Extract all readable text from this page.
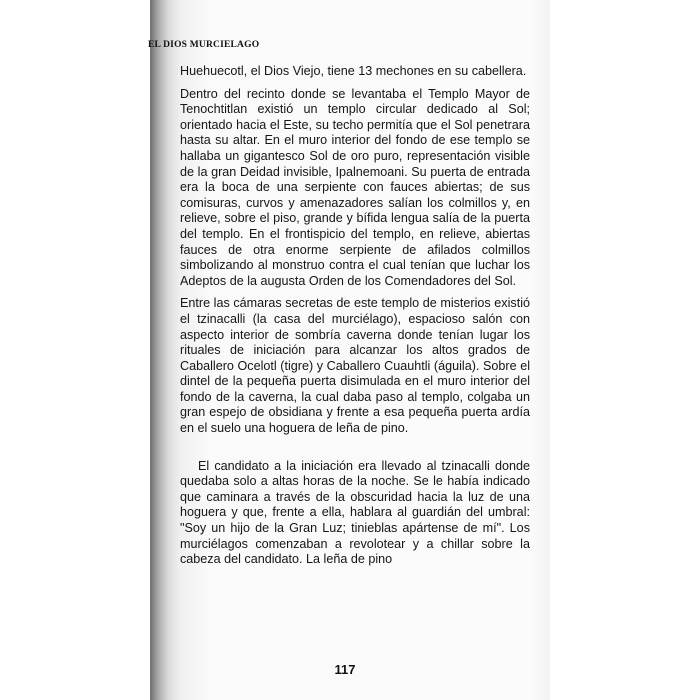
EL DIOS MURCIELAGO

Huehuecotl, el Dios Viejo, tiene 13 mechones en su cabellera.

Dentro del recinto donde se levantaba el Templo Mayor de Tenochtitlan existió un templo circular dedicado al Sol; orientado hacia el Este, su techo permitía que el Sol penetrara hasta su altar. En el muro interior del fondo de ese templo se hallaba un gigantesco Sol de oro puro, representación visible de la gran Deidad invisible, Ipalnemoani. Su puerta de entrada era la boca de una serpiente con fauces abiertas; de sus comisuras, curvos y amenazadores salían los colmillos y, en relieve, sobre el piso, grande y bífida lengua salía de la puerta del templo. En el frontispicio del templo, en relieve, abiertas fauces de otra enorme serpiente de afilados colmillos simbolizando al monstruo contra el cual tenían que luchar los Adeptos de la augusta Orden de los Comendadores del Sol.

Entre las cámaras secretas de este templo de misterios existió el tzinacalli (la casa del murciélago), espacioso salón con aspecto interior de sombría caverna donde tenían lugar los rituales de iniciación para alcanzar los altos grados de Caballero Ocelotl (tigre) y Caballero Cuauhtli (águila). Sobre el dintel de la pequeña puerta disimulada en el muro interior del fondo de la caverna, la cual daba paso al templo, colgaba un gran espejo de obsidiana y frente a esa pequeña puerta ardía en el suelo una hoguera de leña de pino.

El candidato a la iniciación era llevado al tzinacalli donde quedaba solo a altas horas de la noche. Se le había indicado que caminara a través de la obscuridad hacia la luz de una hoguera y que, frente a ella, hablara al guardián del umbral: "Soy un hijo de la Gran Luz; tinieblas apártense de mí". Los murciélagos comenzaban a revolotear y a chillar sobre la cabeza del candidato. La leña de pino

117
